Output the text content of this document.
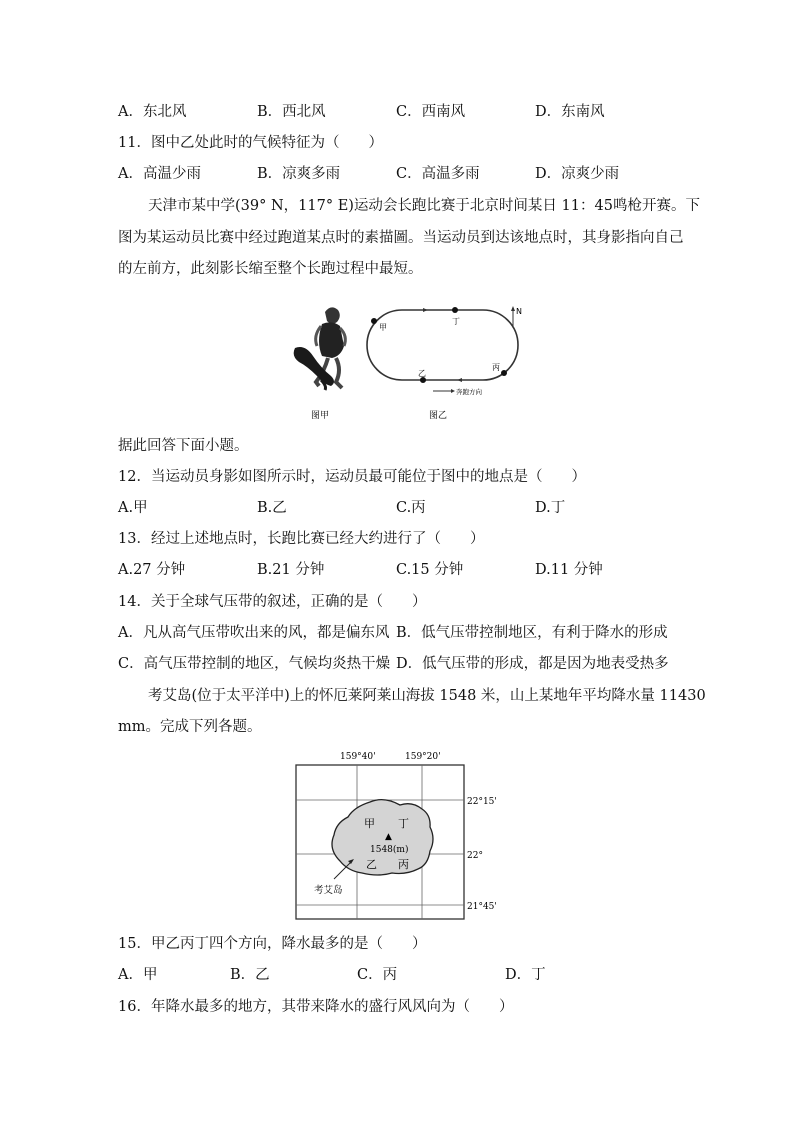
A．东北风	B．西北风	C．西南风	D．东南风
11．图中乙处此时的气候特征为（　　）
A．高温少雨	B．凉爽多雨	C．高温多雨	D．凉爽少雨
天津市某中学(39° N，117° E)运动会长跑比赛于北京时间某日 11：45鸣枪开赛。下
图为某运动员比赛中经过跑道某点时的素描圖。当运动员到达该地点时，其身影指向自己
的左前方，此刻影长缩至整个长跑过程中最短。
图甲
甲
丁
丙
乙
N
奔跑方向
图乙
据此回答下面小题。
12．当运动员身影如图所示时，运动员最可能位于图中的地点是（　　）
A.甲	B.乙	C.丙	D.丁
13．经过上述地点时，长跑比赛已经大约进行了（　　）
A.27 分钟	B.21 分钟	C.15 分钟	D.11 分钟
14．关于全球气压带的叙述，正确的是（　　）
A．凡从高气压带吹出来的风，都是偏东风 B．低气压带控制地区，有利于降水的形成
C．高气压带控制的地区，气候均炎热干燥 D．低气压带的形成，都是因为地表受热多
考艾岛(位于太平洋中)上的怀厄莱阿莱山海拔 1548 米，山上某地年平均降水量 11430
mm。完成下列各题。
159°40'	159°20'
22°15'
22°
21°45'
甲 丁
▲
1548(m)
乙 丙
考艾岛
15．甲乙丙丁四个方向，降水最多的是（　　）
A．甲	B．乙	C．丙	D．丁
16．年降水最多的地方，其带来降水的盛行风风向为（　　）
